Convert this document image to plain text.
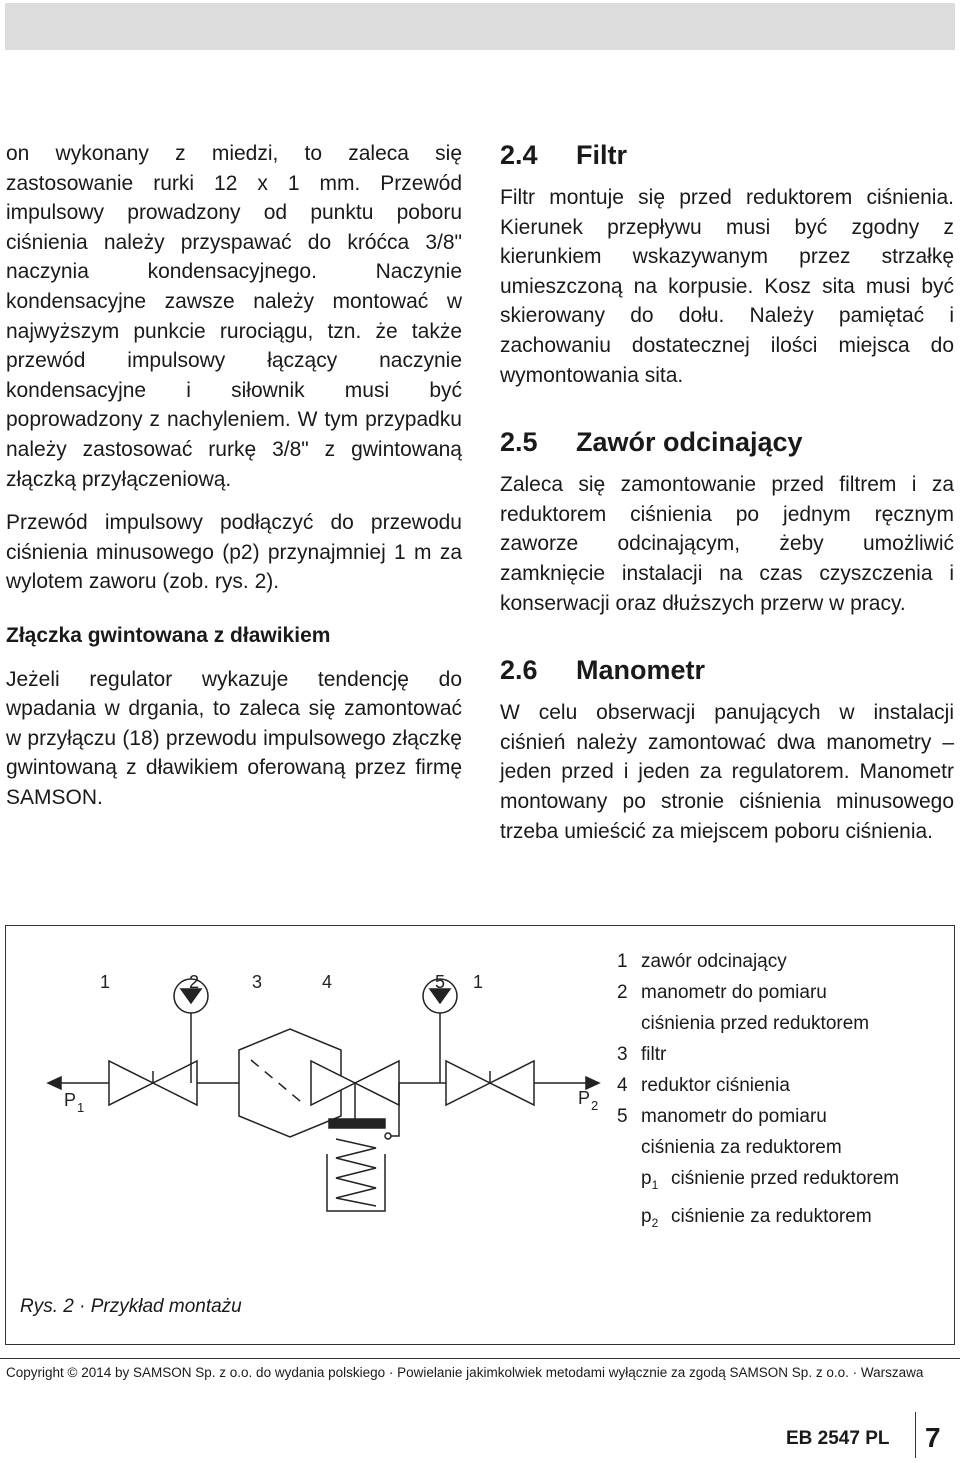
on wykonany z miedzi, to zaleca się zastosowanie rurki 12 x 1 mm. Przewód impulsowy prowadzony od punktu poboru ciśnienia należy przyspawać do króćca 3/8" naczynia kondensacyjnego. Naczynie kondensacyjne zawsze należy montować w najwyższym punkcie rurociągu, tzn. że także przewód impulsowy łączący naczynie kondensacyjne i siłownik musi być poprowadzony z nachyleniem. W tym przypadku należy zastosować rurkę 3/8" z gwintowaną złączką przyłączeniową.

Przewód impulsowy podłączyć do przewodu ciśnienia minusowego (p2) przynajmniej 1 m za wylotem zaworu (zob. rys. 2).

Złączka gwintowana z dławikiem

Jeżeli regulator wykazuje tendencję do wpadania w drgania, to zaleca się zamontować w przyłączu (18) przewodu impulsowego złączkę gwintowaną z dławikiem oferowaną przez firmę SAMSON.

2.4	Filtr

Filtr montuje się przed reduktorem ciśnienia. Kierunek przepływu musi być zgodny z kierunkiem wskazywanym przez strzałkę umieszczoną na korpusie. Kosz sita musi być skierowany do dołu. Należy pamiętać i zachowaniu dostatecznej ilości miejsca do wymontowania sita.

2.5	Zawór odcinający

Zaleca się zamontowanie przed filtrem i za reduktorem ciśnienia po jednym ręcznym zaworze odcinającym, żeby umożliwić zamknięcie instalacji na czas czyszczenia i konserwacji oraz dłuższych przerw w pracy.

2.6	Manometr

W celu obserwacji panujących w instalacji ciśnień należy zamontować dwa manometry – jeden przed i jeden za regulatorem. Manometr montowany po stronie ciśnienia minusowego trzeba umieścić za miejscem poboru ciśnienia.

1	2	3	4	5 1
P 1	P 2
1 zawór odcinający
2 manometr do pomiaru
ciśnienia przed reduktorem
3 filtr
4 reduktor ciśnienia
5 manometr do pomiaru
ciśnienia za reduktorem
$p_1$ ciśnienie przed reduktorem
$p_2$ ciśnienie za reduktorem
Rys. 2 · Przykład montażu
Copyright © 2014 by SAMSON Sp. z o.o. do wydania polskiego · Powielanie jakimkolwiek metodami wyłącznie za zgodą SAMSON Sp. z o.o. · Warszawa
EB 2547 PL 7
